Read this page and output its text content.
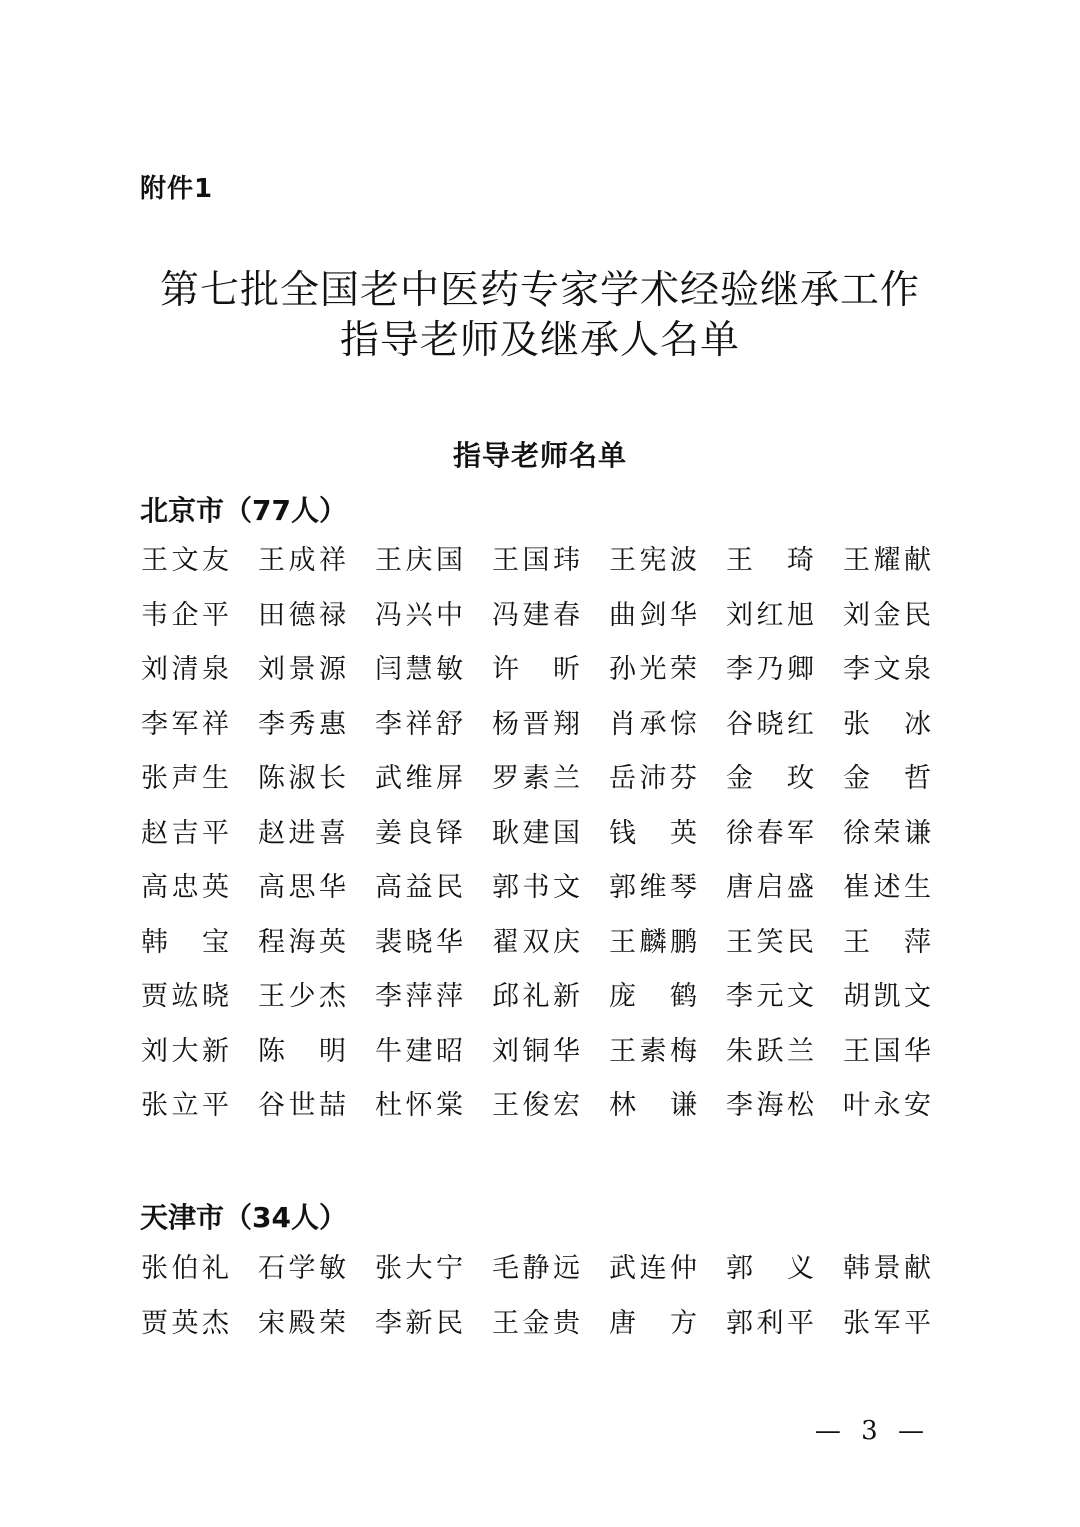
附件1
第七批全国老中医药专家学术经验继承工作
指导老师及继承人名单
指导老师名单
北京市（77人）
王文友 王成祥 王庆国 王国玮 王宪波 王　琦 王耀献
韦企平 田德禄 冯兴中 冯建春 曲剑华 刘红旭 刘金民
刘清泉 刘景源 闫慧敏 许　昕 孙光荣 李乃卿 李文泉
李军祥 李秀惠 李祥舒 杨晋翔 肖承悰 谷晓红 张　冰
张声生 陈淑长 武维屏 罗素兰 岳沛芬 金　玫 金　哲
赵吉平 赵进喜 姜良铎 耿建国 钱　英 徐春军 徐荣谦
高忠英 高思华 高益民 郭书文 郭维琴 唐启盛 崔述生
韩　宝 程海英 裴晓华 翟双庆 王麟鹏 王笑民 王　萍
贾竑晓 王少杰 李萍萍 邱礼新 庞　鹤 李元文 胡凯文
刘大新 陈　明 牛建昭 刘铜华 王素梅 朱跃兰 王国华
张立平 谷世喆 杜怀棠 王俊宏 林　谦 李海松 叶永安
天津市（34人）
张伯礼 石学敏 张大宁 毛静远 武连仲 郭　义 韩景献
贾英杰 宋殿荣 李新民 王金贵 唐　方 郭利平 张军平
— 3 —
